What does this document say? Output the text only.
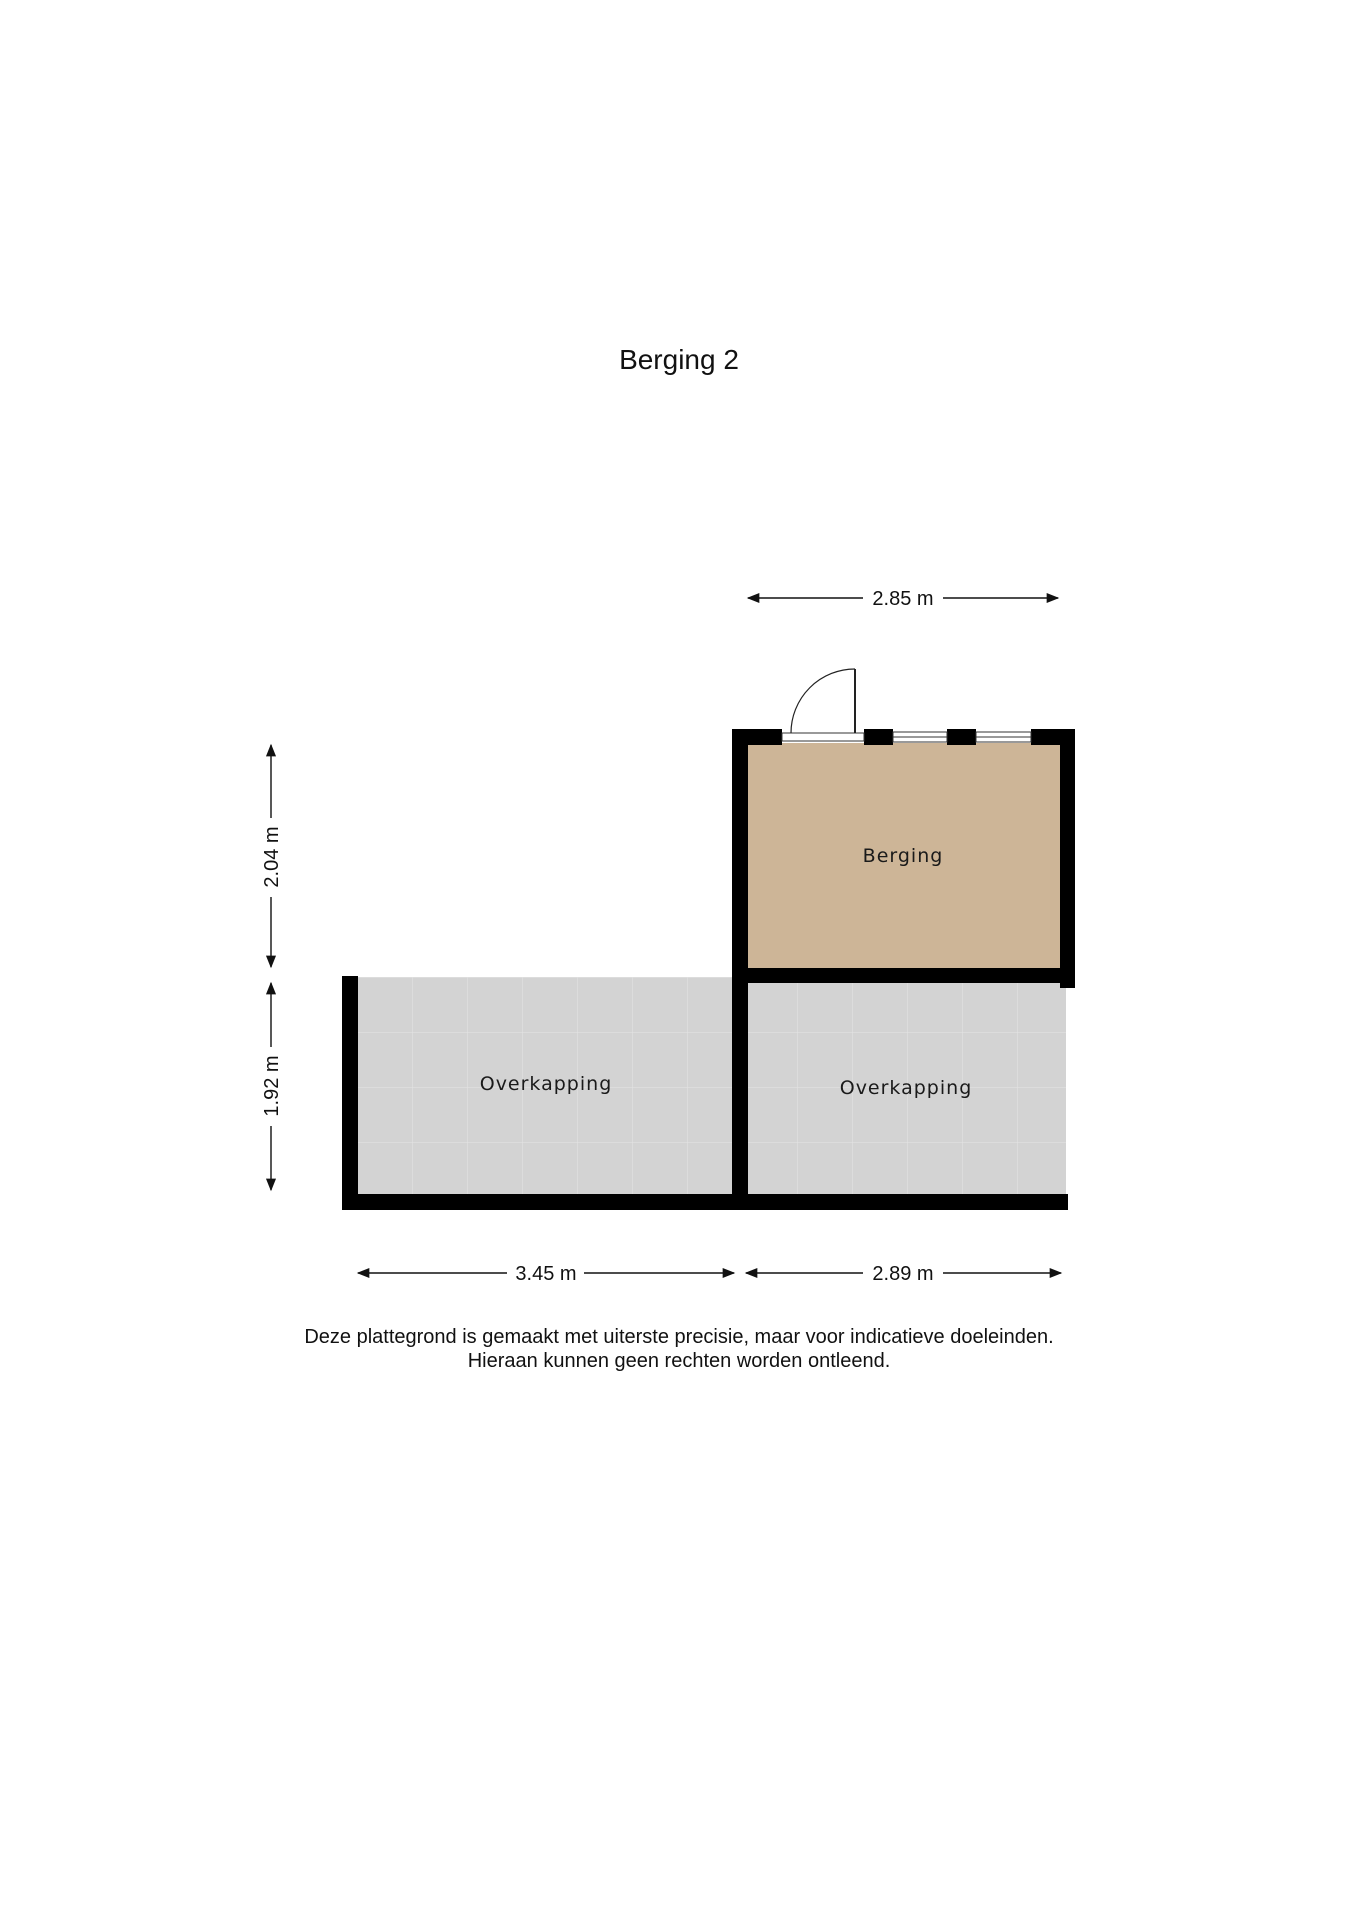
Berging 2
Berging
Overkapping	Overkapping
2.85 m
3.45 m	2.89 m
2.04 m
1.92 m
Deze plattegrond is gemaakt met uiterste precisie, maar voor indicatieve doeleinden.
Hieraan kunnen geen rechten worden ontleend.
